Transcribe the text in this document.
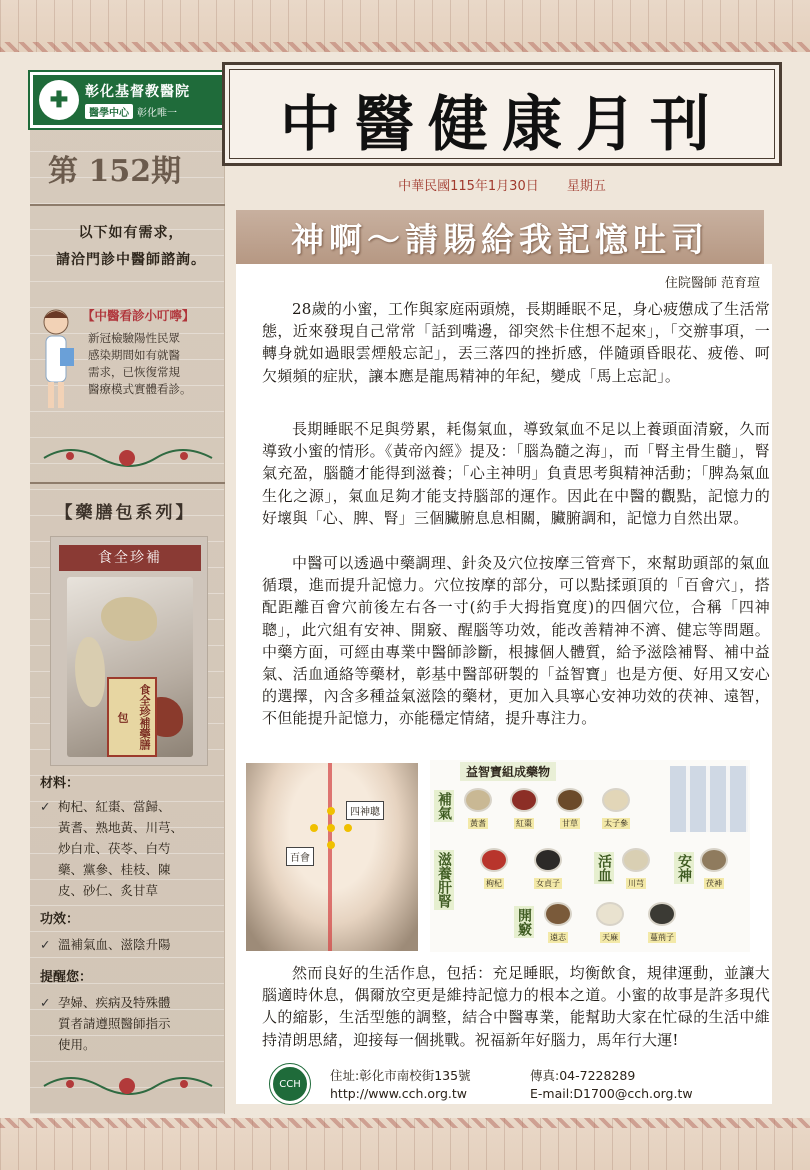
✚	彰化基督教醫院
醫學中心 彰化唯一
第 152期
以下如有需求，
請洽門診中醫師諮詢。
【中醫看診小叮嚀】
新冠檢驗陽性民眾
感染期間如有就醫
需求，已恢復常規
醫療模式實體看診。
【藥膳包系列】
食全珍補
食全珍補藥膳包
材料：
✓ 枸杞、紅棗、當歸、
黃耆、熟地黃、川芎、
炒白朮、茯苓、白芍
藥、黨參、桂枝、陳
皮、砂仁、炙甘草
功效：
✓ 溫補氣血、滋陰升陽
提醒您：
✓ 孕婦、疾病及特殊體
質者請遵照醫師指示
使用。
中醫健康月刊
中華民國115年1月30日 星期五
神啊～請賜給我記憶吐司
住院醫師 范育瑄
28歲的小蜜，工作與家庭兩頭燒，長期睡眠不足，身心疲憊成了生活常態，近來發現自己常常「話到嘴邊，卻突然卡住想不起來」，「交辦事項，一轉身就如過眼雲煙般忘記」，丟三落四的挫折感，伴隨頭昏眼花、疲倦、呵欠頻頻的症狀，讓本應是龍馬精神的年紀，變成「馬上忘記」。
長期睡眠不足與勞累，耗傷氣血，導致氣血不足以上養頭面清竅，久而導致小蜜的情形。《黃帝內經》提及：「腦為髓之海」，而「腎主骨生髓」，腎氣充盈，腦髓才能得到滋養；「心主神明」負責思考與精神活動；「脾為氣血生化之源」，氣血足夠才能支持腦部的運作。因此在中醫的觀點，記憶力的好壞與「心、脾、腎」三個臟腑息息相關，臟腑調和，記憶力自然出眾。
中醫可以透過中藥調理、針灸及穴位按摩三管齊下，來幫助頭部的氣血循環，進而提升記憶力。穴位按摩的部分，可以點揉頭頂的「百會穴」，搭配距離百會穴前後左右各一寸(約手大拇指寬度)的四個穴位，合稱「四神聰」，此穴組有安神、開竅、醒腦等功效，能改善精神不濟、健忘等問題。中藥方面，可經由專業中醫師診斷，根據個人體質，給予滋陰補腎、補中益氣、活血通絡等藥材，彰基中醫部研製的「益智寶」也是方便、好用又安心的選擇，內含多種益氣滋陰的藥材，更加入具寧心安神功效的茯神、遠智，不但能提升記憶力，亦能穩定情緒，提升專注力。
四神聰
百會
益智寶組成藥物
補氣
滋養肝腎	活血	安神
開竅
黃耆	紅棗	甘草	太子參
枸杞	女貞子	川芎	茯神
遠志	天麻	蔓荊子
然而良好的生活作息，包括：充足睡眠，均衡飲食，規律運動，並讓大腦適時休息，偶爾放空更是維持記憶力的根本之道。小蜜的故事是許多現代人的縮影，生活型態的調整，結合中醫專業，能幫助大家在忙碌的生活中維持清朗思緒，迎接每一個挑戰。祝福新年好腦力，馬年行大運!
CCH
住址:彰化市南校街135號
http://www.cch.org.tw
傳真:04-7228289
E-mail:D1700@cch.org.tw
